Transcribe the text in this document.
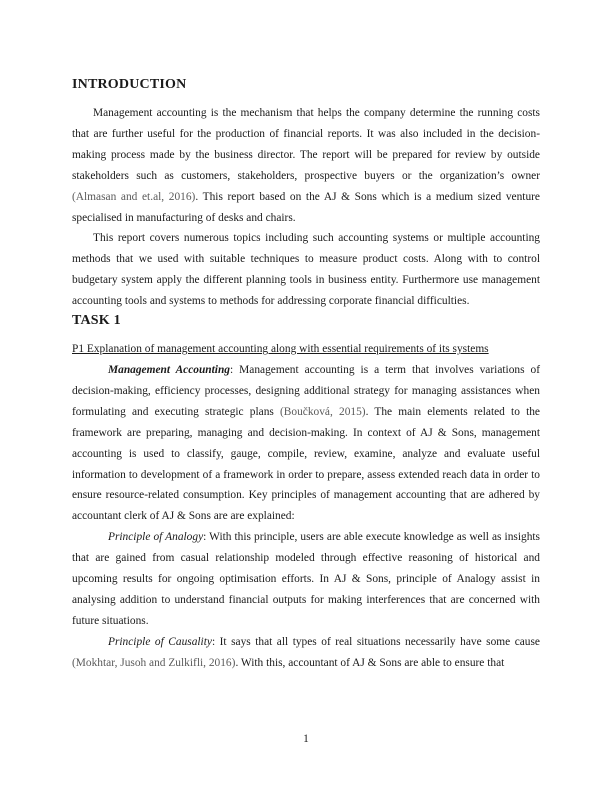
INTRODUCTION

Management accounting is the mechanism that helps the company determine the running costs that are further useful for the production of financial reports. It was also included in the decision-making process made by the business director. The report will be prepared for review by outside stakeholders such as customers, stakeholders, prospective buyers or the organization’s owner (Almasan and et.al, 2016). This report based on the AJ & Sons which is a medium sized venture specialised in manufacturing of desks and chairs.

This report covers numerous topics including such accounting systems or multiple accounting methods that we used with suitable techniques to measure product costs. Along with to control budgetary system apply the different planning tools in business entity. Furthermore use management accounting tools and systems to methods for addressing corporate financial difficulties.

TASK 1

P1 Explanation of management accounting along with essential requirements of its systems

Management Accounting: Management accounting is a term that involves variations of decision-making, efficiency processes, designing additional strategy for managing assistances when formulating and executing strategic plans (Boučková, 2015). The main elements related to the framework are preparing, managing and decision-making. In context of AJ & Sons, management accounting is used to classify, gauge, compile, review, examine, analyze and evaluate useful information to development of a framework in order to prepare, assess extended reach data in order to ensure resource-related consumption. Key principles of management accounting that are adhered by accountant clerk of AJ & Sons are are explained:

Principle of Analogy: With this principle, users are able execute knowledge as well as insights that are gained from casual relationship modeled through effective reasoning of historical and upcoming results for ongoing optimisation efforts. In AJ & Sons, principle of Analogy assist in analysing addition to understand financial outputs for making interferences that are concerned with future situations.

Principle of Causality: It says that all types of real situations necessarily have some cause (Mokhtar, Jusoh and Zulkifli, 2016). With this, accountant of AJ & Sons are able to ensure that

1
